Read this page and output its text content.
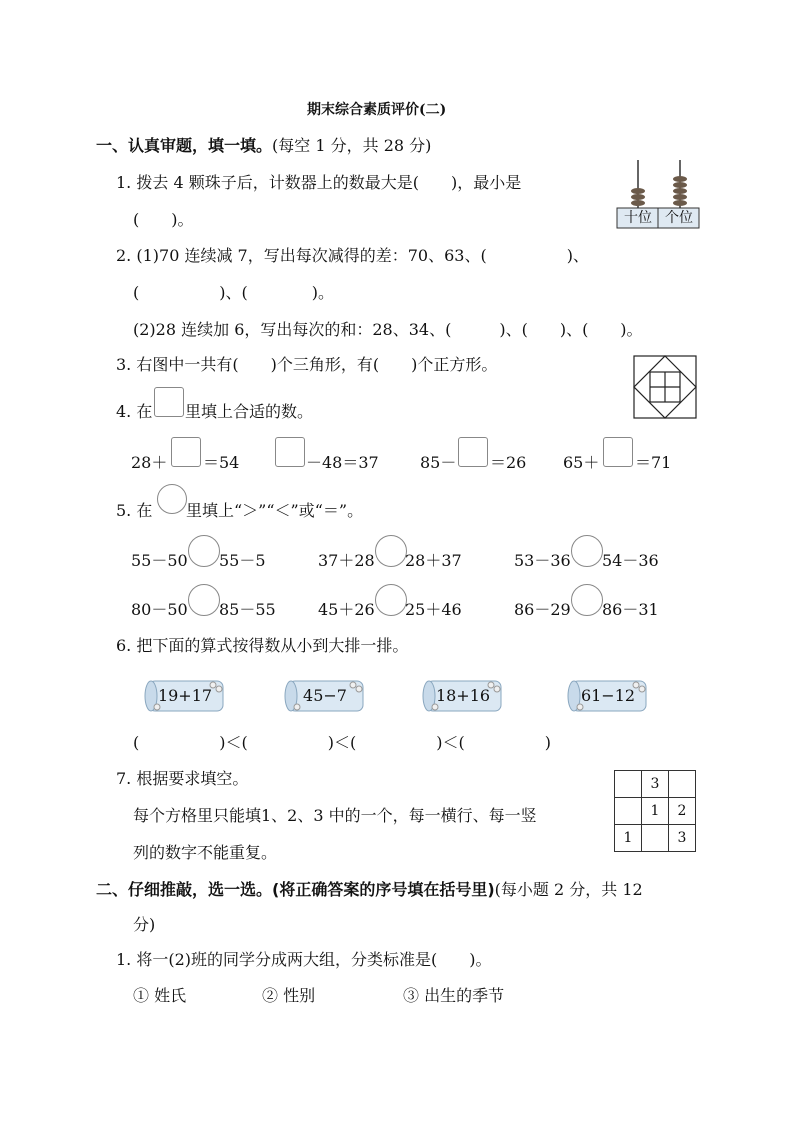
期末综合素质评价(二)
一、认真审题，填一填。(每空 1 分，共 28 分)
1. 拨去 4 颗珠子后，计数器上的数最大是(　　)，最小是
(　　)。	十位 个位
2. (1)70 连续减 7，写出每次减得的差：70、63、(　　　　　)、
(　　　　　)、(　　　　)。
(2)28 连续加 6，写出每次的和：28、34、(　　　)、(　　)、(　　)。
3. 右图中一共有(　　)个三角形，有(　　)个正方形。
4. 在 里填上合适的数。
28＋ ＝54	－48＝37	85－ ＝26 65＋ ＝71
5. 在 里填上“＞”“＜”或“＝”。
55－50 55－5	37＋28 28＋37	53－36 54－36
80－50 85－55	45＋26 25＋46	86－29 86－31
6. 把下面的算式按得数从小到大排一排。
19+17	45−7	18+16	61−12
(　　　　　)＜(　　　　　)＜(　　　　　)＜(　　　　　)
7. 根据要求填空。
每个方格里只能填1、2、3 中的一个，每一横行、每一竖
列的数字不能重复。
	3	
	1	2
1		3
二、仔细推敲，选一选。(将正确答案的序号填在括号里)(每小题 2 分，共 12
分)
1. 将一(2)班的同学分成两大组，分类标准是(　　)。
① 姓氏	② 性别	③ 出生的季节
